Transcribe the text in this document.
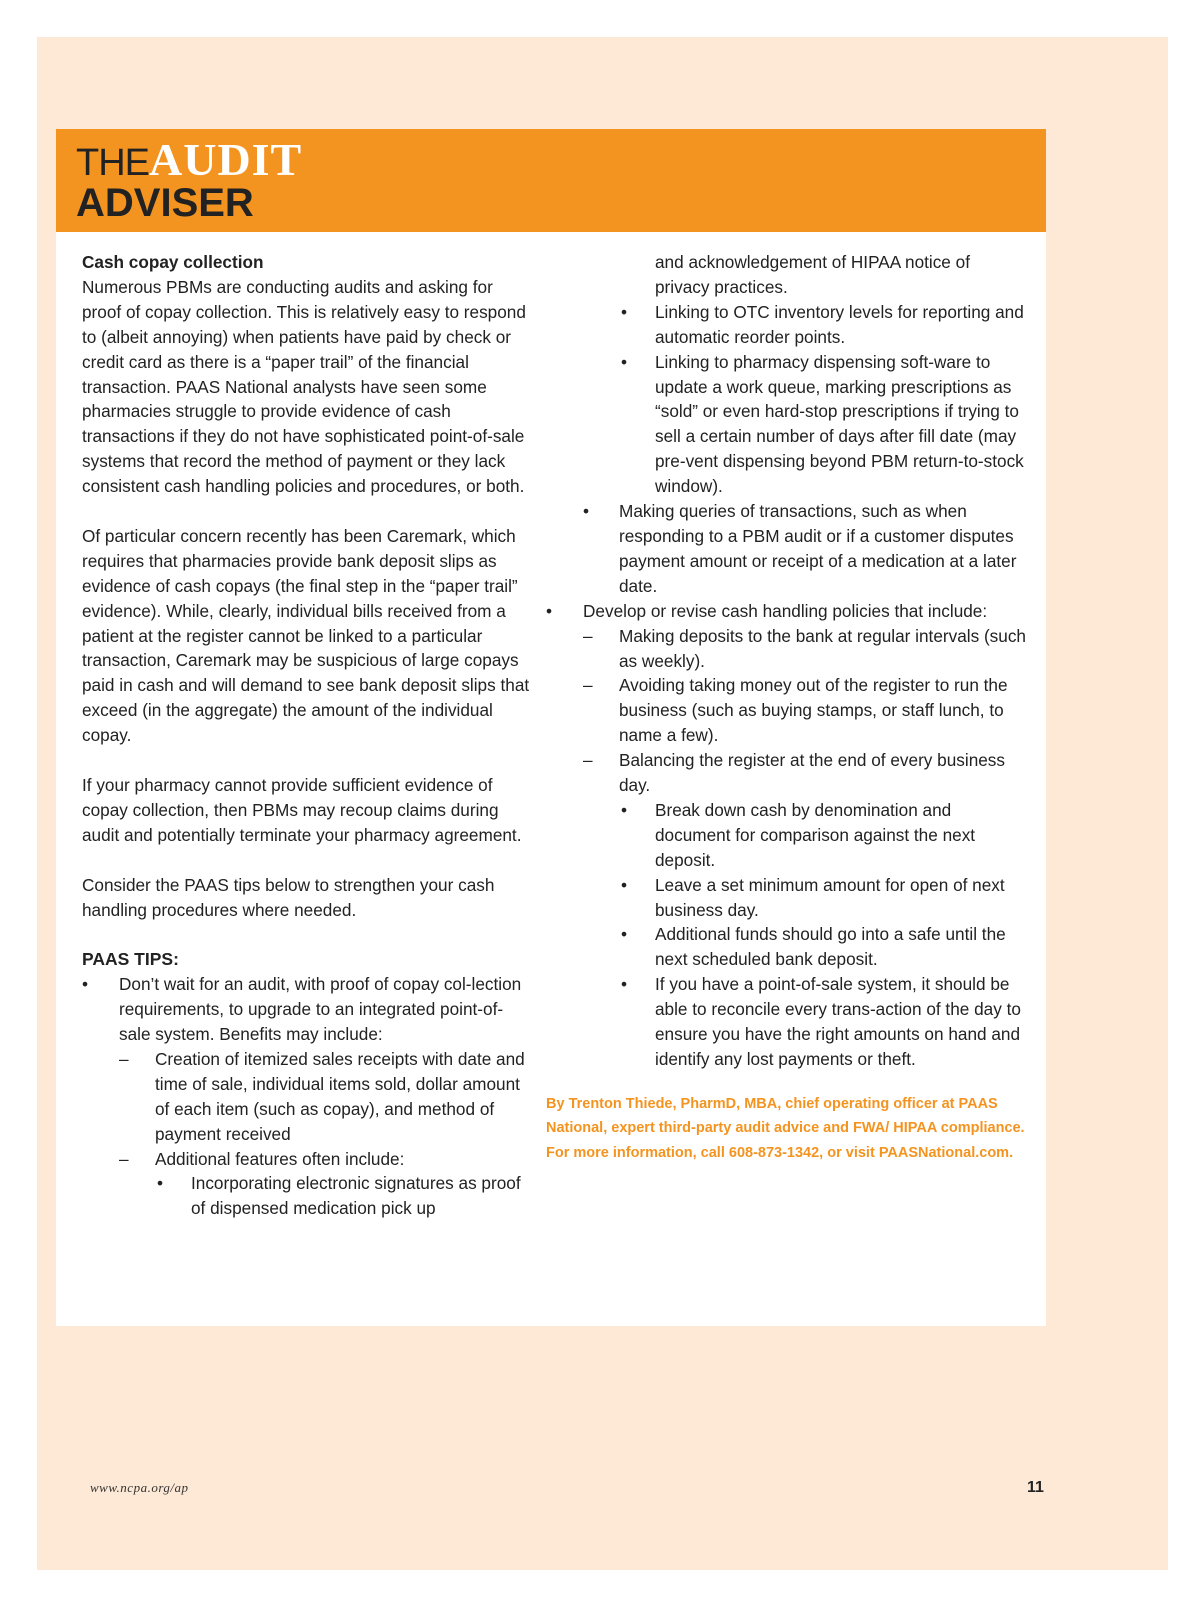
THEAUDIT
ADVISER

Cash copay collection

Numerous PBMs are conducting audits and asking for proof of copay collection. This is relatively easy to respond to (albeit annoying) when patients have paid by check or credit card as there is a “paper trail” of the financial transaction. PAAS National analysts have seen some pharmacies struggle to provide evidence of cash transactions if they do not have sophisticated point-of-sale systems that record the method of payment or they lack consistent cash handling policies and procedures, or both.

Of particular concern recently has been Caremark, which requires that pharmacies provide bank deposit slips as evidence of cash copays (the final step in the “paper trail” evidence). While, clearly, individual bills received from a patient at the register cannot be linked to a particular transaction, Caremark may be suspicious of large copays paid in cash and will demand to see bank deposit slips that exceed (in the aggregate) the amount of the individual copay.

If your pharmacy cannot provide sufficient evidence of copay collection, then PBMs may recoup claims during audit and potentially terminate your pharmacy agreement.

Consider the PAAS tips below to strengthen your cash handling procedures where needed.

PAAS TIPS:

• Don’t wait for an audit, with proof of copay col-lection requirements, to upgrade to an integrated point-of-sale system. Benefits may include:
– Creation of itemized sales receipts with date and time of sale, individual items sold, dollar amount of each item (such as copay), and method of payment received
– Additional features often include:
• Incorporating electronic signatures as proof of dispensed medication pick up
and acknowledgement of HIPAA notice of privacy practices.
• Linking to OTC inventory levels for reporting and automatic reorder points.
• Linking to pharmacy dispensing soft-ware to update a work queue, marking prescriptions as “sold” or even hard-stop prescriptions if trying to sell a certain number of days after fill date (may pre-vent dispensing beyond PBM return-to-stock window).
• Making queries of transactions, such as when responding to a PBM audit or if a customer disputes payment amount or receipt of a medication at a later date.
• Develop or revise cash handling policies that include:
– Making deposits to the bank at regular intervals (such as weekly).
– Avoiding taking money out of the register to run the business (such as buying stamps, or staff lunch, to name a few).
– Balancing the register at the end of every business day.
• Break down cash by denomination and document for comparison against the next deposit.
• Leave a set minimum amount for open of next business day.
• Additional funds should go into a safe until the next scheduled bank deposit.
• If you have a point-of-sale system, it should be able to reconcile every trans-action of the day to ensure you have the right amounts on hand and identify any lost payments or theft.

By Trenton Thiede, PharmD, MBA, chief operating officer at PAAS National, expert third-party audit advice and FWA/ HIPAA compliance. For more information, call 608-873-1342, or visit PAASNational.com.

www.ncpa.org/ap	11
